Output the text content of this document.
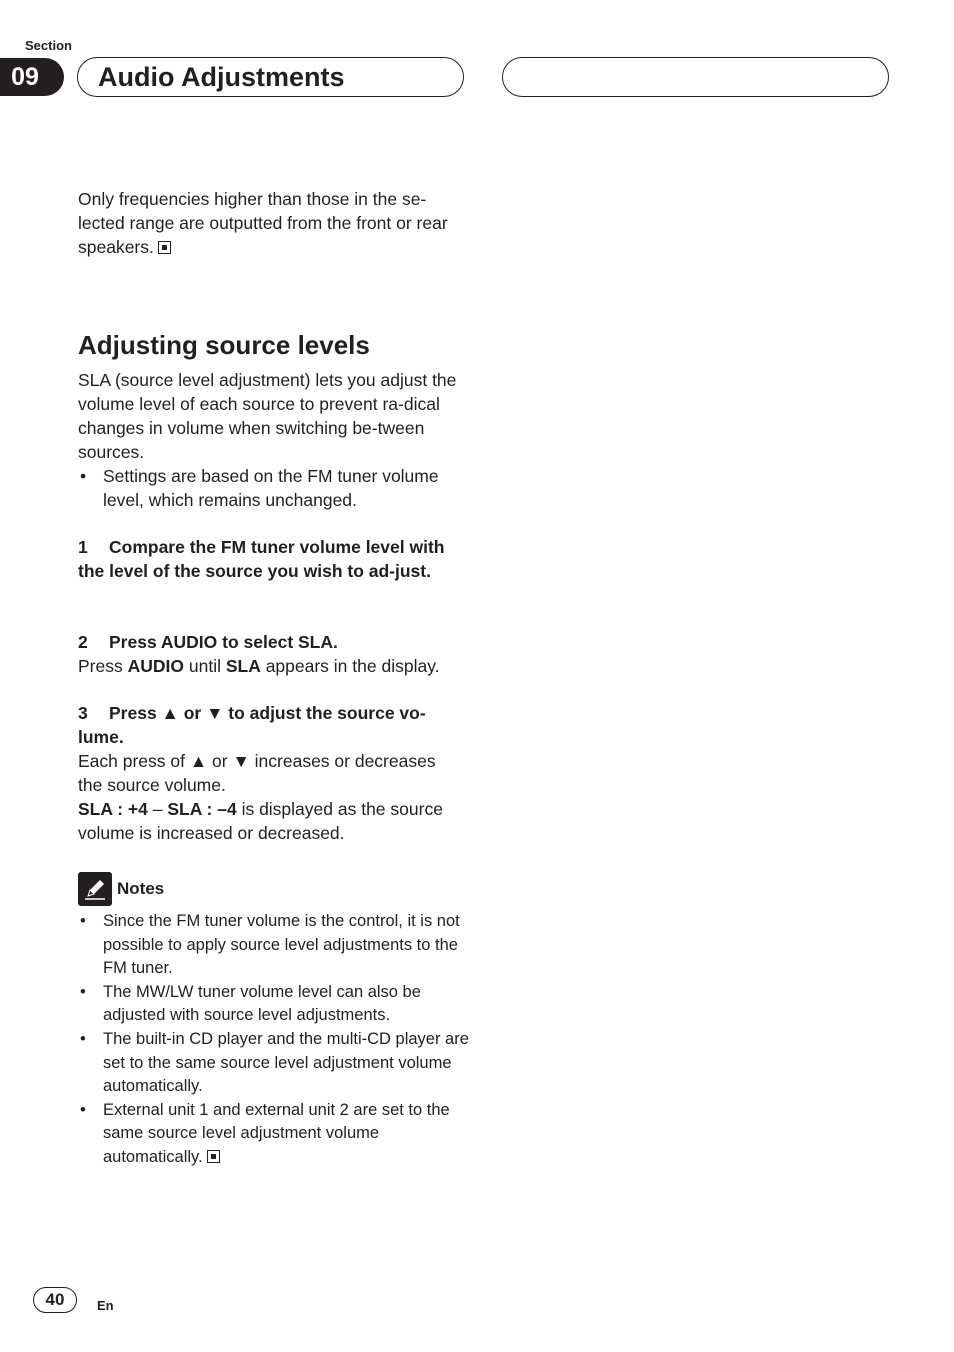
Section
09	Audio Adjustments
Only frequencies higher than those in the se-lected range are outputted from the front or rear speakers.
Adjusting source levels

SLA (source level adjustment) lets you adjust the volume level of each source to prevent ra-dical changes in volume when switching be-tween sources.

• Settings are based on the FM tuner volume level, which remains unchanged.
1 Compare the FM tuner volume level with the level of the source you wish to ad-just.
2 Press AUDIO to select SLA.

Press AUDIO until SLA appears in the display.

3 Press ▲ or ▼ to adjust the source vo-lume.

Each press of ▲ or ▼ increases or decreases the source volume.

SLA : +4 – SLA : –4 is displayed as the source volume is increased or decreased.

Notes
• Since the FM tuner volume is the control, it is not possible to apply source level adjustments to the FM tuner.
• The MW/LW tuner volume level can also be adjusted with source level adjustments.
• The built-in CD player and the multi-CD player are set to the same source level adjustment volume automatically.
• External unit 1 and external unit 2 are set to the same source level adjustment volume automatically.
40	En
